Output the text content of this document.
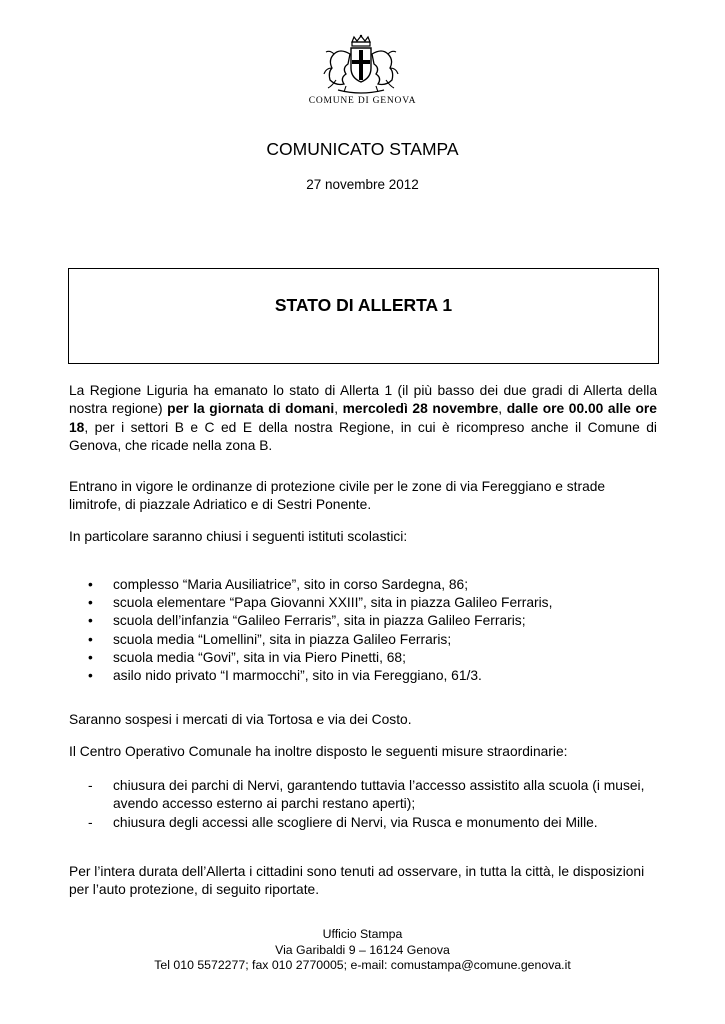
COMUNE DI GENOVA
COMUNICATO STAMPA
27 novembre 2012
STATO DI ALLERTA 1
La Regione Liguria ha emanato lo stato di Allerta 1 (il più basso dei due gradi di Allerta della nostra regione) per la giornata di domani, mercoledì 28 novembre, dalle ore 00.00 alle ore 18, per i settori B e C ed E della nostra Regione, in cui è ricompreso anche il Comune di Genova, che ricade nella zona B.
Entrano in vigore le ordinanze di protezione civile per le zone di via Fereggiano e strade limitrofe, di piazzale Adriatico e di Sestri Ponente.
In particolare saranno chiusi i seguenti istituti scolastici:
• complesso “Maria Ausiliatrice”, sito in corso Sardegna, 86;
• scuola elementare “Papa Giovanni XXIII”, sita in piazza Galileo Ferraris,
• scuola dell’infanzia “Galileo Ferraris”, sita in piazza Galileo Ferraris;
• scuola media “Lomellini”, sita in piazza Galileo Ferraris;
• scuola media “Govi”, sita in via Piero Pinetti, 68;
• asilo nido privato “I marmocchi”, sito in via Fereggiano, 61/3.
Saranno sospesi i mercati di via Tortosa e via dei Costo.
Il Centro Operativo Comunale ha inoltre disposto le seguenti misure straordinarie:
- chiusura dei parchi di Nervi, garantendo tuttavia l’accesso assistito alla scuola (i musei, avendo accesso esterno ai parchi restano aperti);
- chiusura degli accessi alle scogliere di Nervi, via Rusca e monumento dei Mille.
Per l’intera durata dell’Allerta i cittadini sono tenuti ad osservare, in tutta la città, le disposizioni per l’auto protezione, di seguito riportate.
Ufficio Stampa
Via Garibaldi 9 – 16124 Genova
Tel 010 5572277; fax 010 2770005; e-mail: comustampa@comune.genova.it
